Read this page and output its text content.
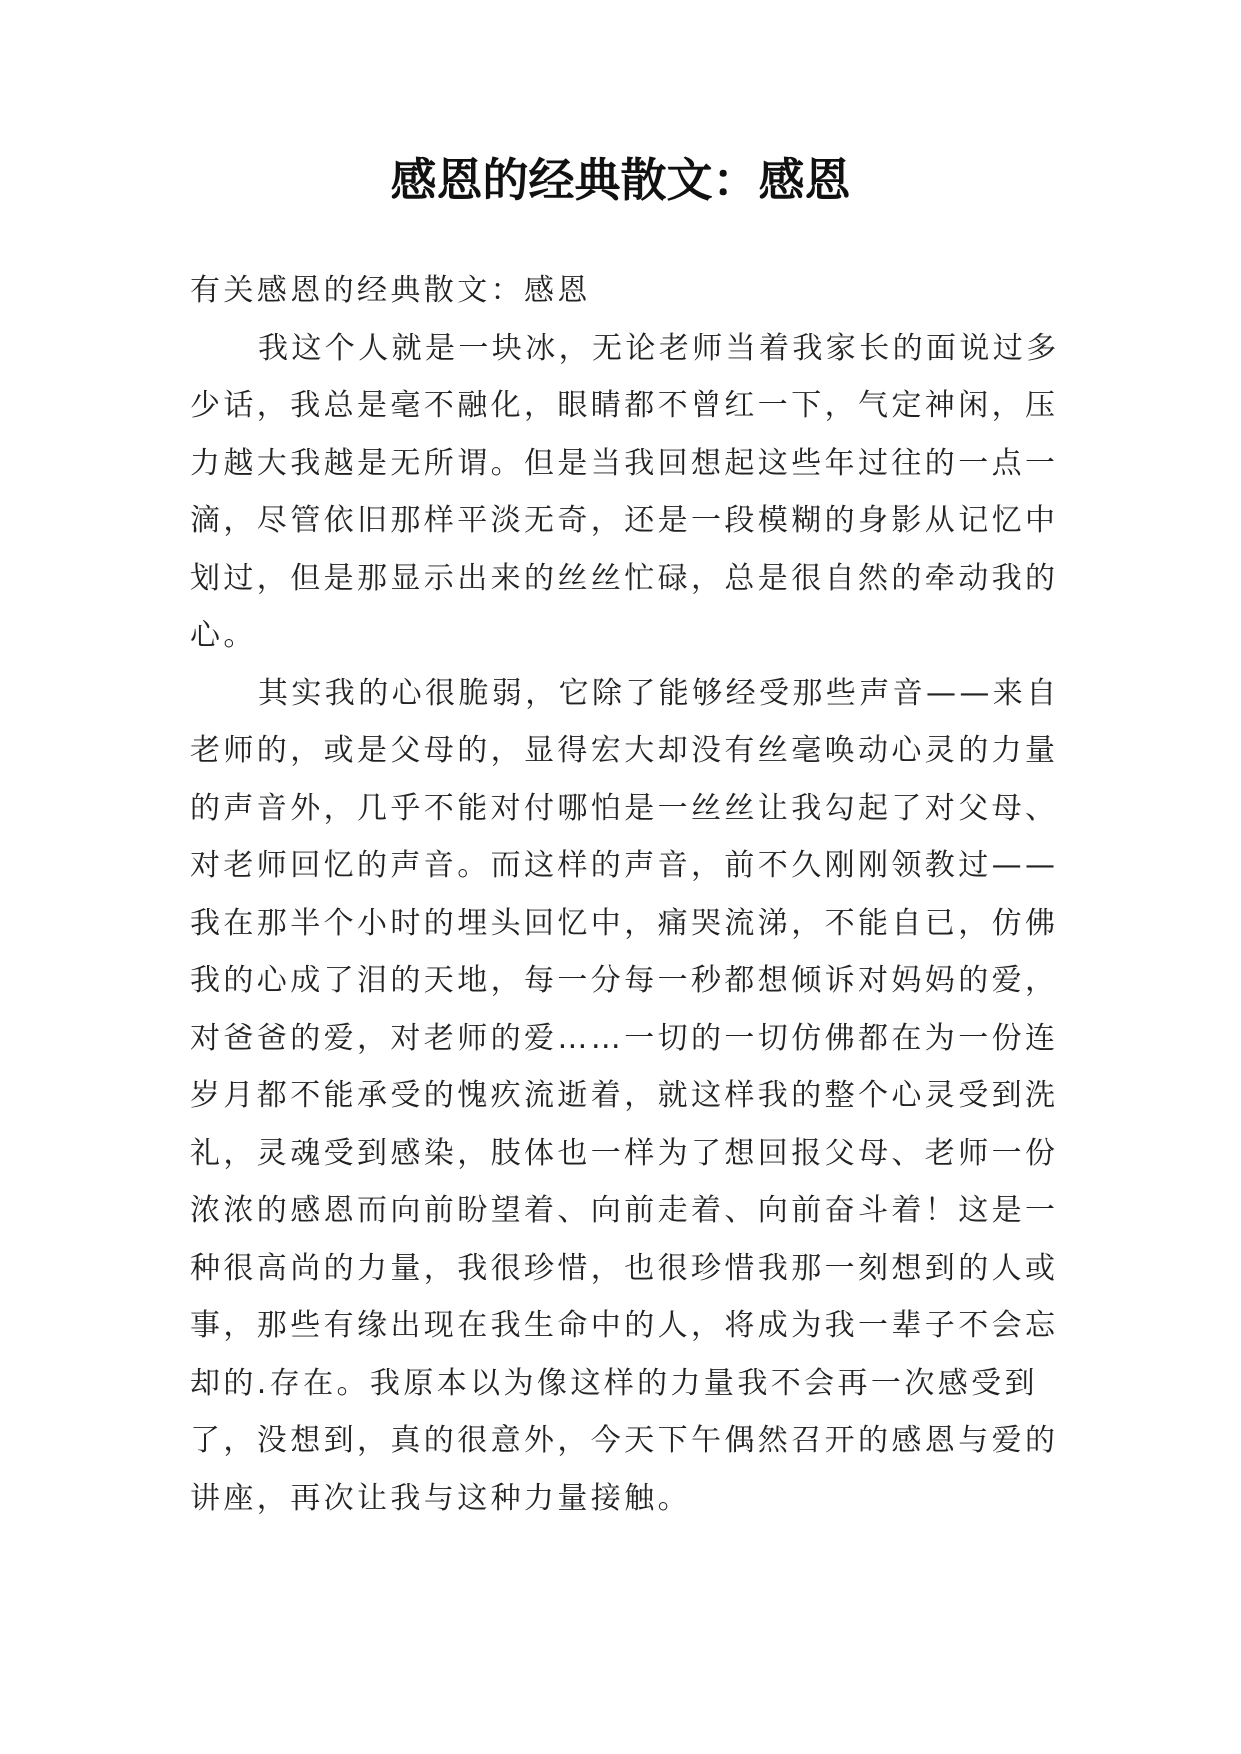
感恩的经典散文：感恩
有关感恩的经典散文：感恩
我这个人就是一块冰，无论老师当着我家长的面说过多
少话，我总是毫不融化，眼睛都不曾红一下，气定神闲，压
力越大我越是无所谓。但是当我回想起这些年过往的一点一
滴，尽管依旧那样平淡无奇，还是一段模糊的身影从记忆中
划过，但是那显示出来的丝丝忙碌，总是很自然的牵动我的
心。
其实我的心很脆弱，它除了能够经受那些声音——来自
老师的，或是父母的，显得宏大却没有丝毫唤动心灵的力量
的声音外，几乎不能对付哪怕是一丝丝让我勾起了对父母、
对老师回忆的声音。而这样的声音，前不久刚刚领教过——
我在那半个小时的埋头回忆中，痛哭流涕，不能自已，仿佛
我的心成了泪的天地，每一分每一秒都想倾诉对妈妈的爱，
对爸爸的爱，对老师的爱……一切的一切仿佛都在为一份连
岁月都不能承受的愧疚流逝着，就这样我的整个心灵受到洗
礼，灵魂受到感染，肢体也一样为了想回报父母、老师一份
浓浓的感恩而向前盼望着、向前走着、向前奋斗着！这是一
种很高尚的力量，我很珍惜，也很珍惜我那一刻想到的人或
事，那些有缘出现在我生命中的人，将成为我一辈子不会忘
却的.存在。我原本以为像这样的力量我不会再一次感受到
了，没想到，真的很意外，今天下午偶然召开的感恩与爱的
讲座，再次让我与这种力量接触。
